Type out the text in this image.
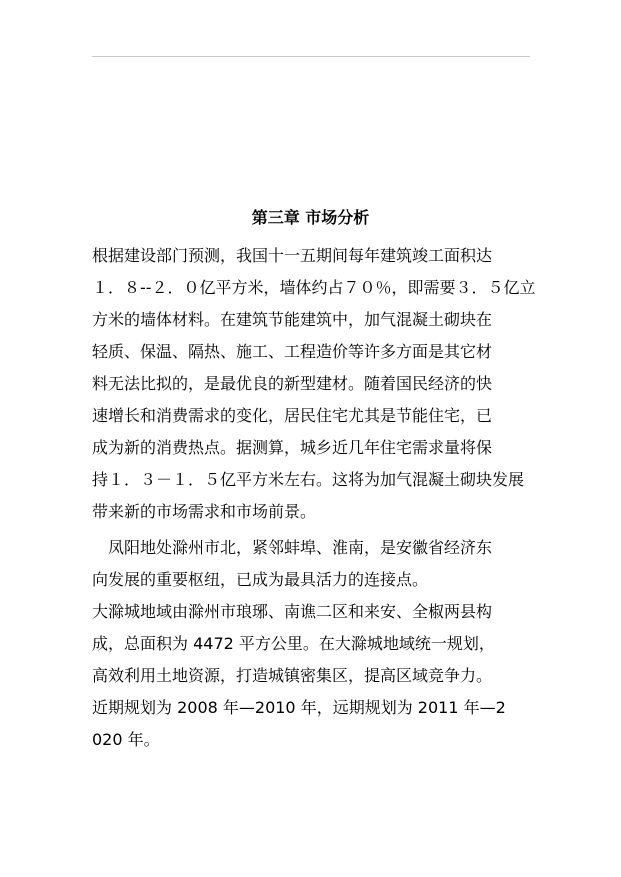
第三章 市场分析
根据建设部门预测，我国十一五期间每年建筑竣工面积达
１．８--２．０亿平方米，墙体约占７０％，即需要３．５亿立
方米的墙体材料。在建筑节能建筑中，加气混凝土砌块在
轻质、保温、隔热、施工、工程造价等许多方面是其它材
料无法比拟的，是最优良的新型建材。随着国民经济的快
速增长和消费需求的变化，居民住宅尤其是节能住宅，已
成为新的消费热点。据测算，城乡近几年住宅需求量将保
持１．３－１．５亿平方米左右。这将为加气混凝土砌块发展
带来新的市场需求和市场前景。
　凤阳地处滁州市北，紧邻蚌埠、淮南，是安徽省经济东
向发展的重要枢纽，已成为最具活力的连接点。
大滁城地域由滁州市琅琊、南谯二区和来安、全椒两县构
成，总面积为 4472 平方公里。在大滁城地域统一规划，
高效利用土地资源，打造城镇密集区，提高区域竞争力。
近期规划为 2008 年—2010 年，远期规划为 2011 年—2
020 年。
